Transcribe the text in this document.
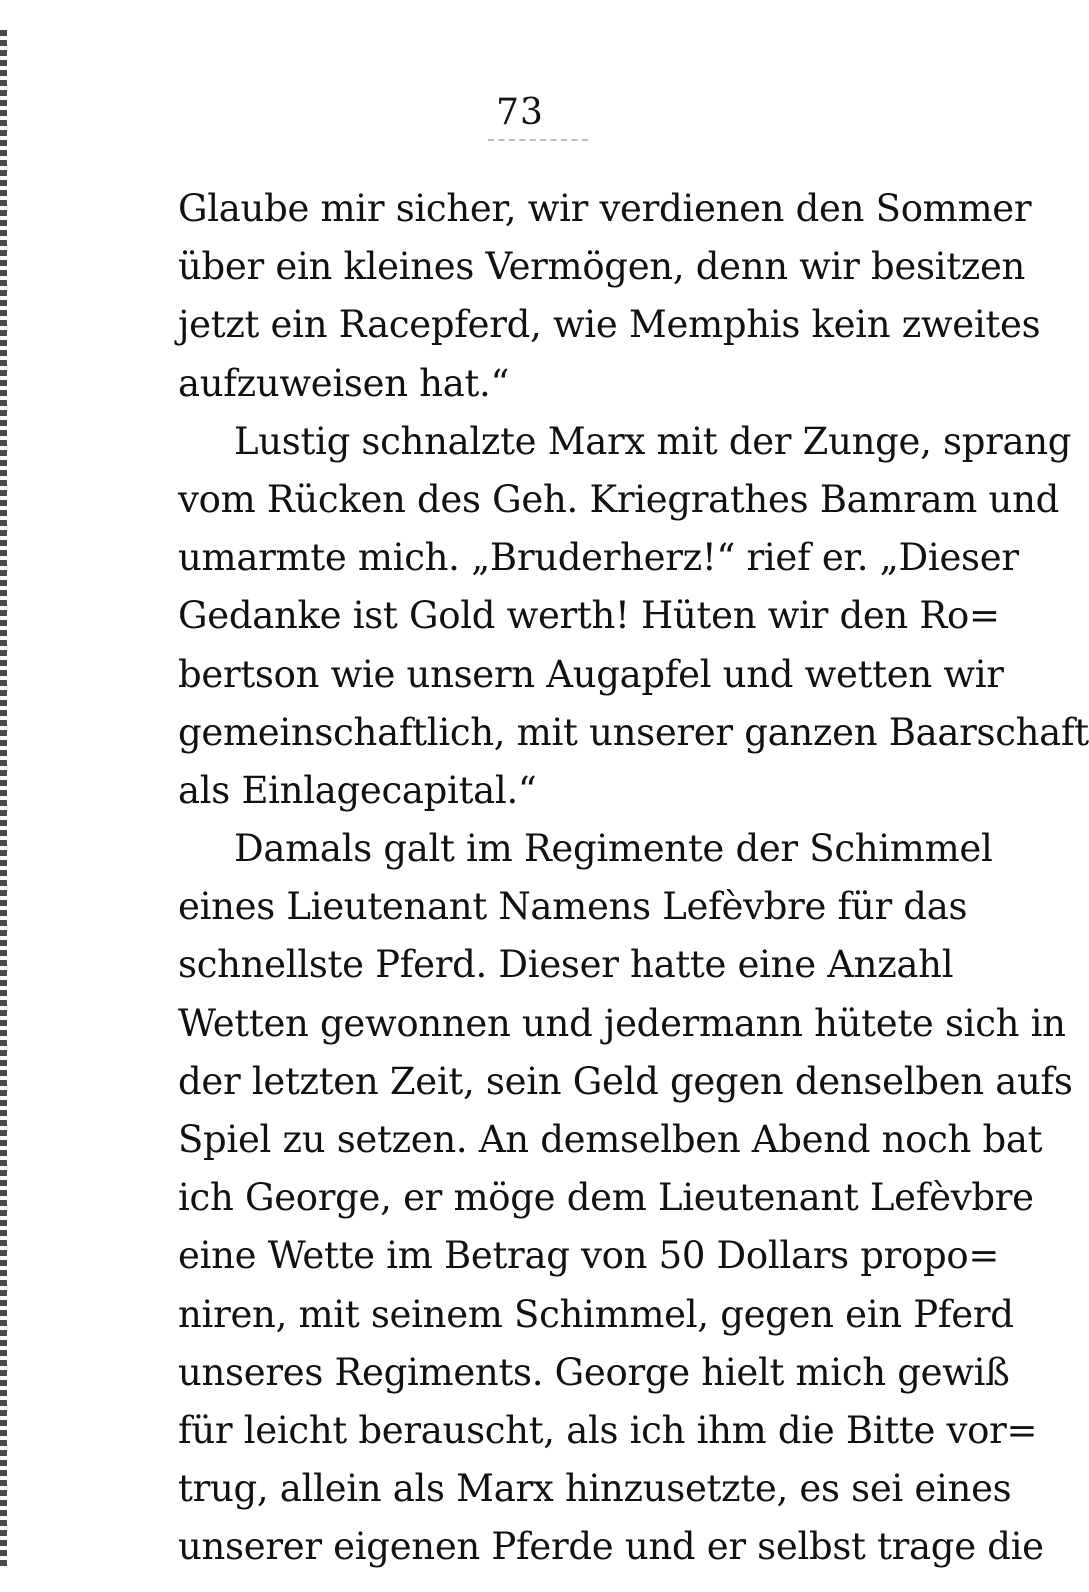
73
Glaube mir sicher, wir verdienen den Sommer
über ein kleines Vermögen, denn wir besitzen
jetzt ein Racepferd, wie Memphis kein zweites
aufzuweisen hat.“
Lustig schnalzte Marx mit der Zunge, sprang
vom Rücken des Geh. Kriegrathes Bamram und
umarmte mich. „Bruderherz!“ rief er. „Dieser
Gedanke ist Gold werth! Hüten wir den Ro=
bertson wie unsern Augapfel und wetten wir
gemeinschaftlich, mit unserer ganzen Baarschaft
als Einlagecapital.“
Damals galt im Regimente der Schimmel
eines Lieutenant Namens Lefèvbre für das
schnellste Pferd. Dieser hatte eine Anzahl
Wetten gewonnen und jedermann hütete sich in
der letzten Zeit, sein Geld gegen denselben aufs
Spiel zu setzen. An demselben Abend noch bat
ich George, er möge dem Lieutenant Lefèvbre
eine Wette im Betrag von 50 Dollars propo=
niren, mit seinem Schimmel, gegen ein Pferd
unseres Regiments. George hielt mich gewiß
für leicht berauscht, als ich ihm die Bitte vor=
trug, allein als Marx hinzusetzte, es sei eines
unserer eigenen Pferde und er selbst trage die
